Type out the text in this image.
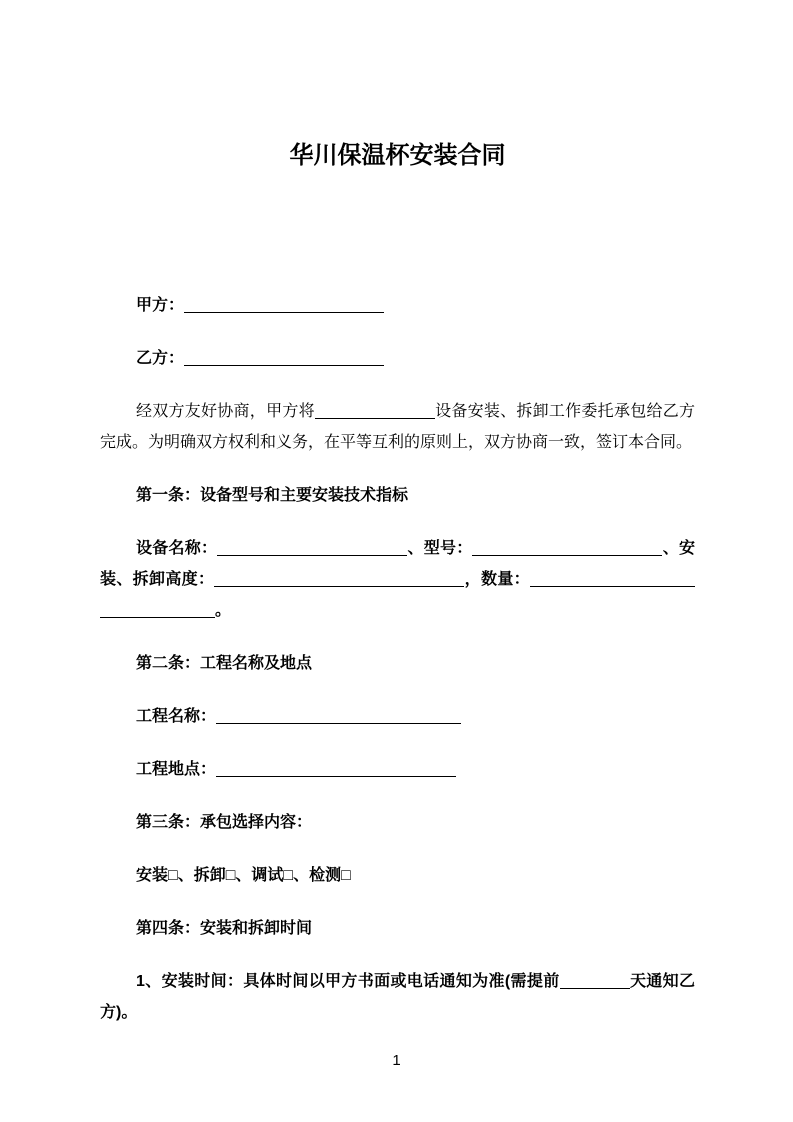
华川保温杯安装合同

甲方：

乙方：

经双方友好协商，甲方将	设备安装、拆卸工作委托承包给乙方完成。为明确双方权利和义务，在平等互利的原则上，双方协商一致，签订本合同。

第一条：设备型号和主要安装技术指标

设备名称：	、型号：	、安装、拆卸高度：	，数量：。

第二条：工程名称及地点

工程名称：

工程地点：

第三条：承包选择内容：

安装□、拆卸□、调试□、检测□

第四条：安装和拆卸时间

1、安装时间：具体时间以甲方书面或电话通知为准(需提前	天通知乙方)。

1
